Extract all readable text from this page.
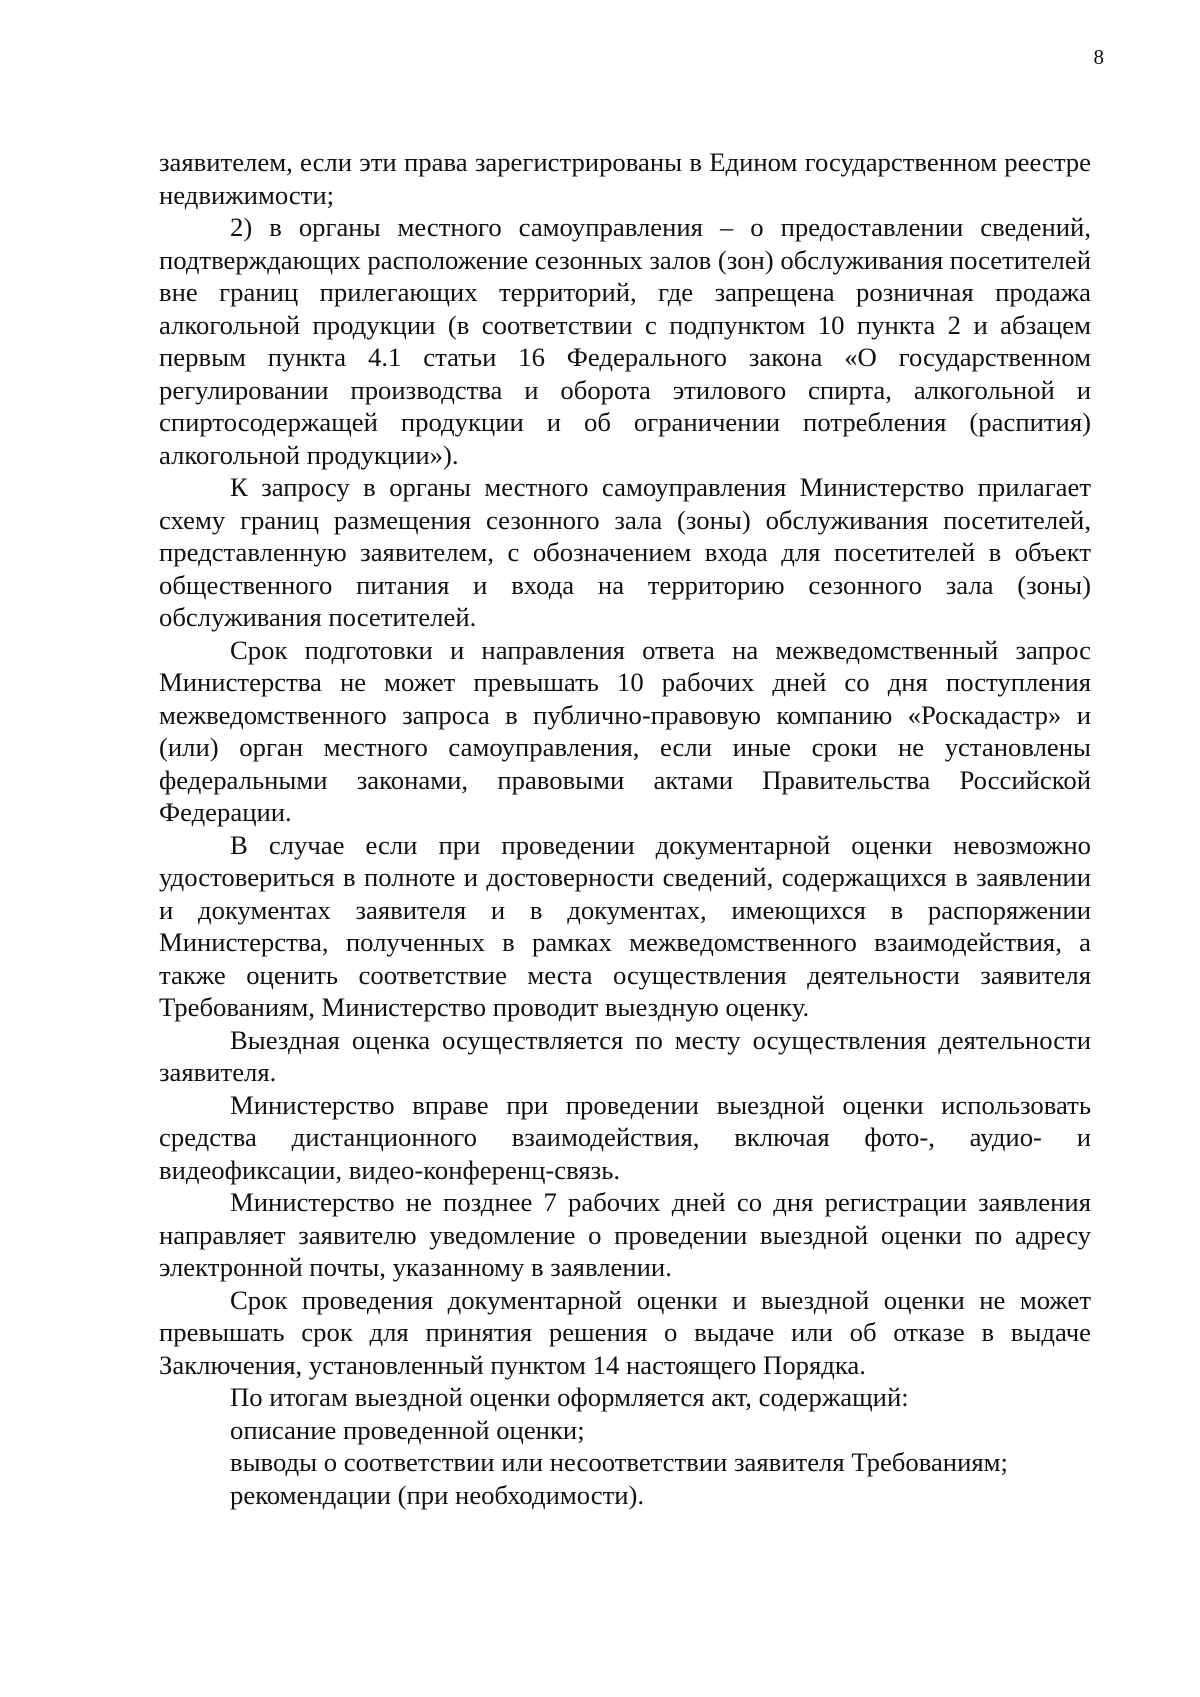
8

заявителем, если эти права зарегистрированы в Едином государственном реестре недвижимости;

2) в органы местного самоуправления – о предоставлении сведений, подтверждающих расположение сезонных залов (зон) обслуживания посетителей вне границ прилегающих территорий, где запрещена розничная продажа алкогольной продукции (в соответствии с подпунктом 10 пункта 2 и абзацем первым пункта 4.1 статьи 16 Федерального закона «О государственном регулировании производства и оборота этилового спирта, алкогольной и спиртосодержащей продукции и об ограничении потребления (распития) алкогольной продукции»).

К запросу в органы местного самоуправления Министерство прилагает схему границ размещения сезонного зала (зоны) обслуживания посетителей, представленную заявителем, с обозначением входа для посетителей в объект общественного питания и входа на территорию сезонного зала (зоны) обслуживания посетителей.

Срок подготовки и направления ответа на межведомственный запрос Министерства не может превышать 10 рабочих дней со дня поступления межведомственного запроса в публично-правовую компанию «Роскадастр» и (или) орган местного самоуправления, если иные сроки не установлены федеральными законами, правовыми актами Правительства Российской Федерации.

В случае если при проведении документарной оценки невозможно удостовериться в полноте и достоверности сведений, содержащихся в заявлении и документах заявителя и в документах, имеющихся в распоряжении Министерства, полученных в рамках межведомственного взаимодействия, а также оценить соответствие места осуществления деятельности заявителя Требованиям, Министерство проводит выездную оценку.

Выездная оценка осуществляется по месту осуществления деятельности заявителя.

Министерство вправе при проведении выездной оценки использовать средства дистанционного взаимодействия, включая фото-, аудио- и видеофиксации, видео-конференц-связь.

Министерство не позднее 7 рабочих дней со дня регистрации заявления направляет заявителю уведомление о проведении выездной оценки по адресу электронной почты, указанному в заявлении.

Срок проведения документарной оценки и выездной оценки не может превышать срок для принятия решения о выдаче или об отказе в выдаче Заключения, установленный пунктом 14 настоящего Порядка.

По итогам выездной оценки оформляется акт, содержащий:

описание проведенной оценки;

выводы о соответствии или несоответствии заявителя Требованиям;

рекомендации (при необходимости).
